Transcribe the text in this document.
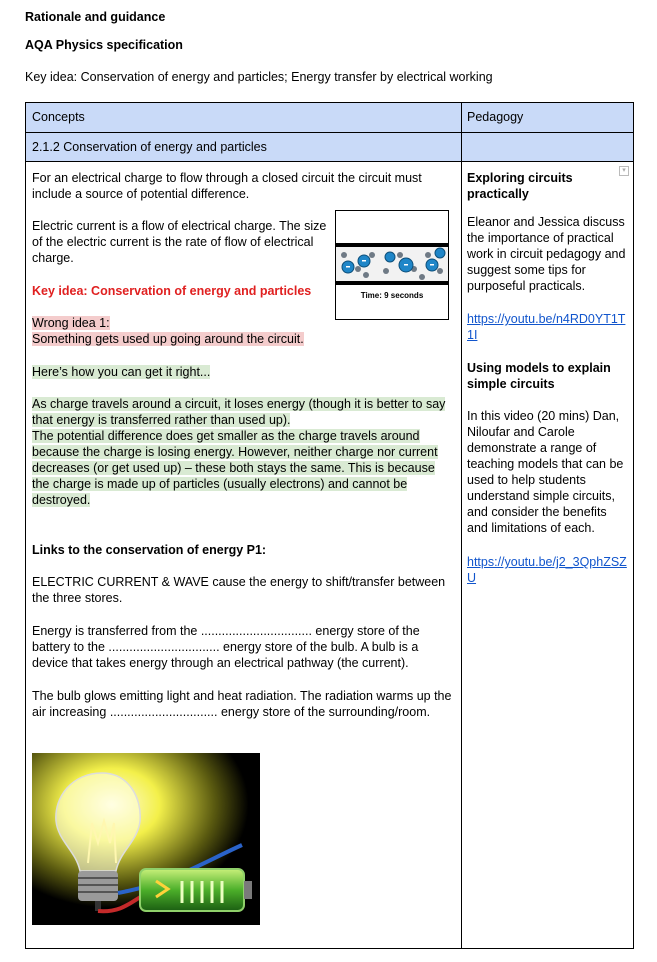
Rationale and guidance
AQA Physics specification
Key idea: Conservation of energy and particles; Energy transfer by electrical working
Concepts	Pedagogy
2.1.2 Conservation of energy and particles
▾

For an electrical charge to flow through a closed circuit the circuit must include a source of potential difference.

Electric current is a flow of electrical charge. The size of the electric current is the rate of flow of electrical charge.

Time: 9 seconds

Key idea: Conservation of energy and particles

Wrong idea 1:
Something gets used up going around the circuit.

Here’s how you can get it right...

As charge travels around a circuit, it loses energy (though it is better to say that energy is transferred rather than used up).
The potential difference does get smaller as the charge travels around because the charge is losing energy. However, neither charge nor current decreases (or get used up) – these both stays the same. This is because the charge is made up of particles (usually electrons) and cannot be destroyed.

Links to the conservation of energy P1:

ELECTRIC CURRENT & WAVE cause the energy to shift/transfer between the three stores.

Energy is transferred from the ................................ energy store of the battery to the ................................ energy store of the bulb. A bulb is a device that takes energy through an electrical pathway (the current).

The bulb glows emitting light and heat radiation. The radiation warms up the air increasing ............................... energy store of the surrounding/room.

Exploring circuits practically

Eleanor and Jessica discuss the importance of practical work in circuit pedagogy and suggest some tips for purposeful practicals.

https://youtu.be/n4RD0YT1T1I

Using models to explain simple circuits

In this video (20 mins) Dan, Niloufar and Carole demonstrate a range of teaching models that can be used to help students understand simple circuits, and consider the benefits and limitations of each.

https://youtu.be/j2_3QphZSZU
